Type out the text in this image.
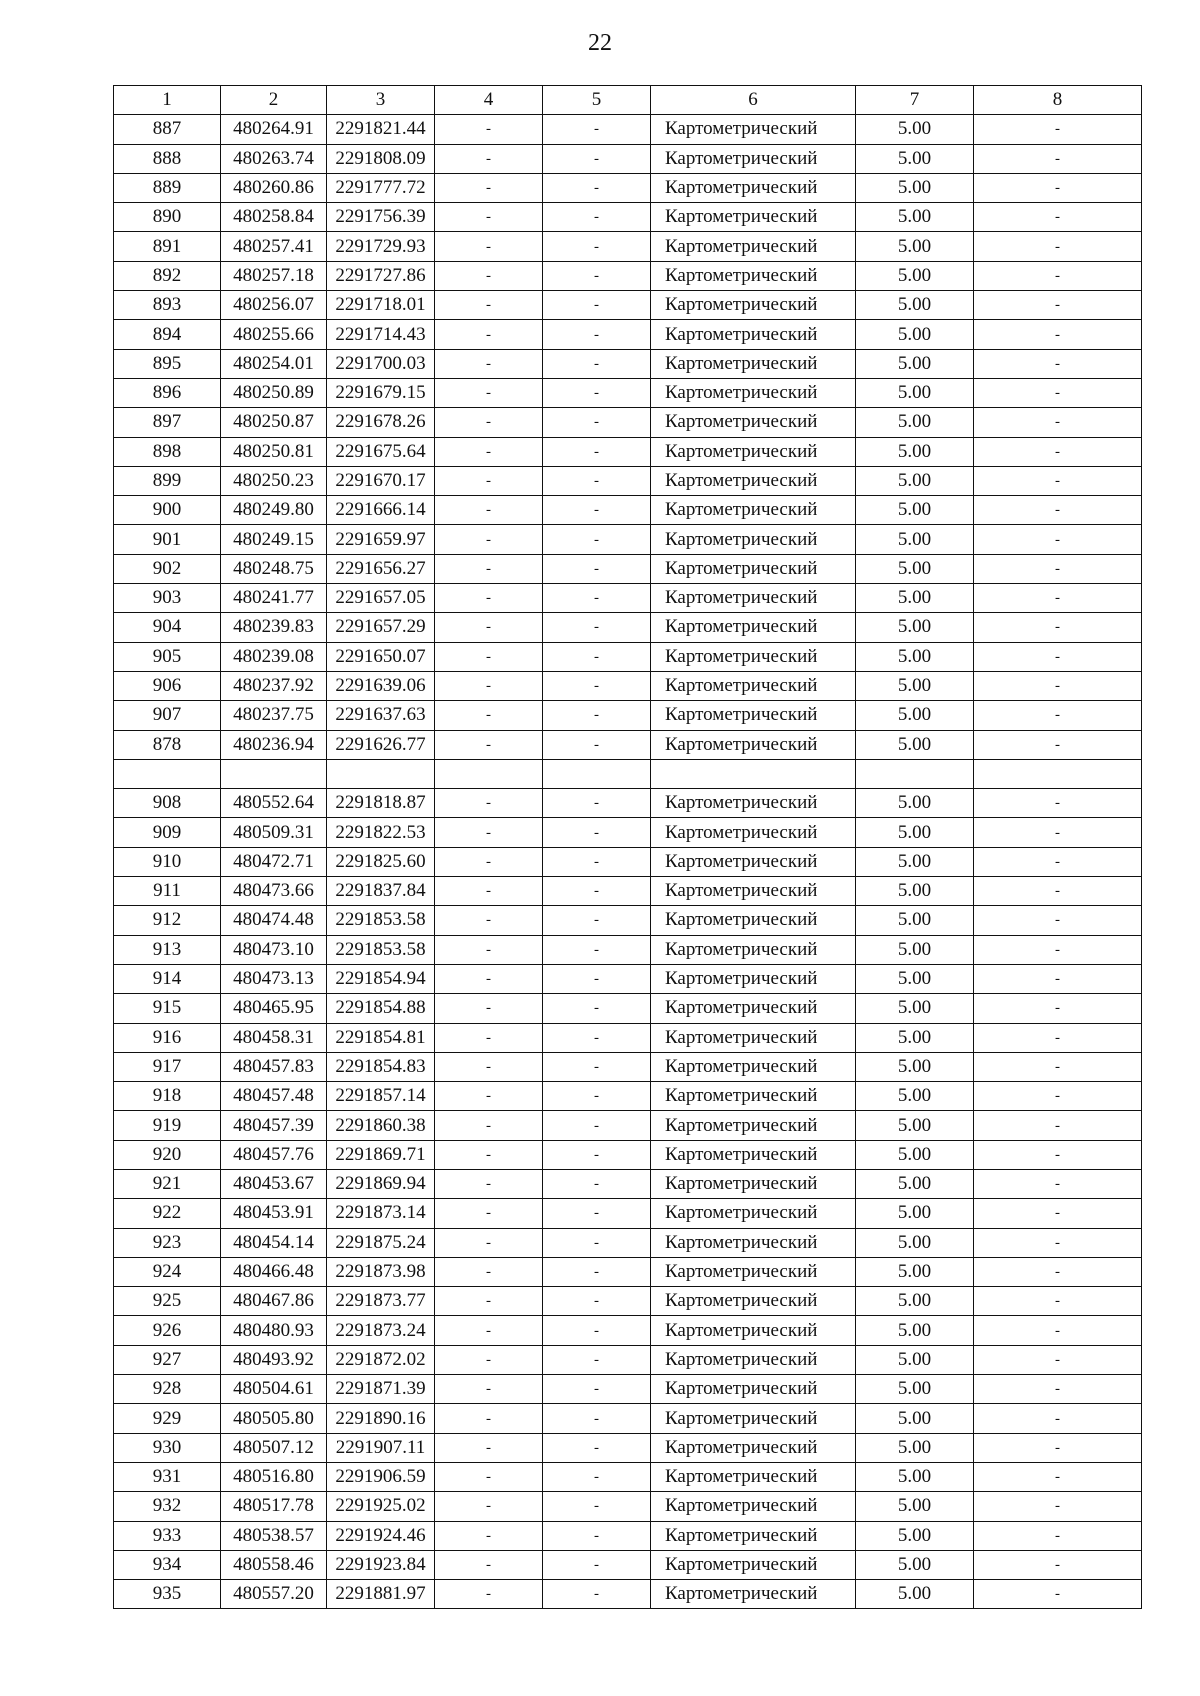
22
1	2	3	4	5	6	7	8
887	480264.91	2291821.44	-	-	Картометрический	5.00	-
888	480263.74	2291808.09	-	-	Картометрический	5.00	-
889	480260.86	2291777.72	-	-	Картометрический	5.00	-
890	480258.84	2291756.39	-	-	Картометрический	5.00	-
891	480257.41	2291729.93	-	-	Картометрический	5.00	-
892	480257.18	2291727.86	-	-	Картометрический	5.00	-
893	480256.07	2291718.01	-	-	Картометрический	5.00	-
894	480255.66	2291714.43	-	-	Картометрический	5.00	-
895	480254.01	2291700.03	-	-	Картометрический	5.00	-
896	480250.89	2291679.15	-	-	Картометрический	5.00	-
897	480250.87	2291678.26	-	-	Картометрический	5.00	-
898	480250.81	2291675.64	-	-	Картометрический	5.00	-
899	480250.23	2291670.17	-	-	Картометрический	5.00	-
900	480249.80	2291666.14	-	-	Картометрический	5.00	-
901	480249.15	2291659.97	-	-	Картометрический	5.00	-
902	480248.75	2291656.27	-	-	Картометрический	5.00	-
903	480241.77	2291657.05	-	-	Картометрический	5.00	-
904	480239.83	2291657.29	-	-	Картометрический	5.00	-
905	480239.08	2291650.07	-	-	Картометрический	5.00	-
906	480237.92	2291639.06	-	-	Картометрический	5.00	-
907	480237.75	2291637.63	-	-	Картометрический	5.00	-
878	480236.94	2291626.77	-	-	Картометрический	5.00	-

908	480552.64	2291818.87	-	-	Картометрический	5.00	-
909	480509.31	2291822.53	-	-	Картометрический	5.00	-
910	480472.71	2291825.60	-	-	Картометрический	5.00	-
911	480473.66	2291837.84	-	-	Картометрический	5.00	-
912	480474.48	2291853.58	-	-	Картометрический	5.00	-
913	480473.10	2291853.58	-	-	Картометрический	5.00	-
914	480473.13	2291854.94	-	-	Картометрический	5.00	-
915	480465.95	2291854.88	-	-	Картометрический	5.00	-
916	480458.31	2291854.81	-	-	Картометрический	5.00	-
917	480457.83	2291854.83	-	-	Картометрический	5.00	-
918	480457.48	2291857.14	-	-	Картометрический	5.00	-
919	480457.39	2291860.38	-	-	Картометрический	5.00	-
920	480457.76	2291869.71	-	-	Картометрический	5.00	-
921	480453.67	2291869.94	-	-	Картометрический	5.00	-
922	480453.91	2291873.14	-	-	Картометрический	5.00	-
923	480454.14	2291875.24	-	-	Картометрический	5.00	-
924	480466.48	2291873.98	-	-	Картометрический	5.00	-
925	480467.86	2291873.77	-	-	Картометрический	5.00	-
926	480480.93	2291873.24	-	-	Картометрический	5.00	-
927	480493.92	2291872.02	-	-	Картометрический	5.00	-
928	480504.61	2291871.39	-	-	Картометрический	5.00	-
929	480505.80	2291890.16	-	-	Картометрический	5.00	-
930	480507.12	2291907.11	-	-	Картометрический	5.00	-
931	480516.80	2291906.59	-	-	Картометрический	5.00	-
932	480517.78	2291925.02	-	-	Картометрический	5.00	-
933	480538.57	2291924.46	-	-	Картометрический	5.00	-
934	480558.46	2291923.84	-	-	Картометрический	5.00	-
935	480557.20	2291881.97	-	-	Картометрический	5.00	-
